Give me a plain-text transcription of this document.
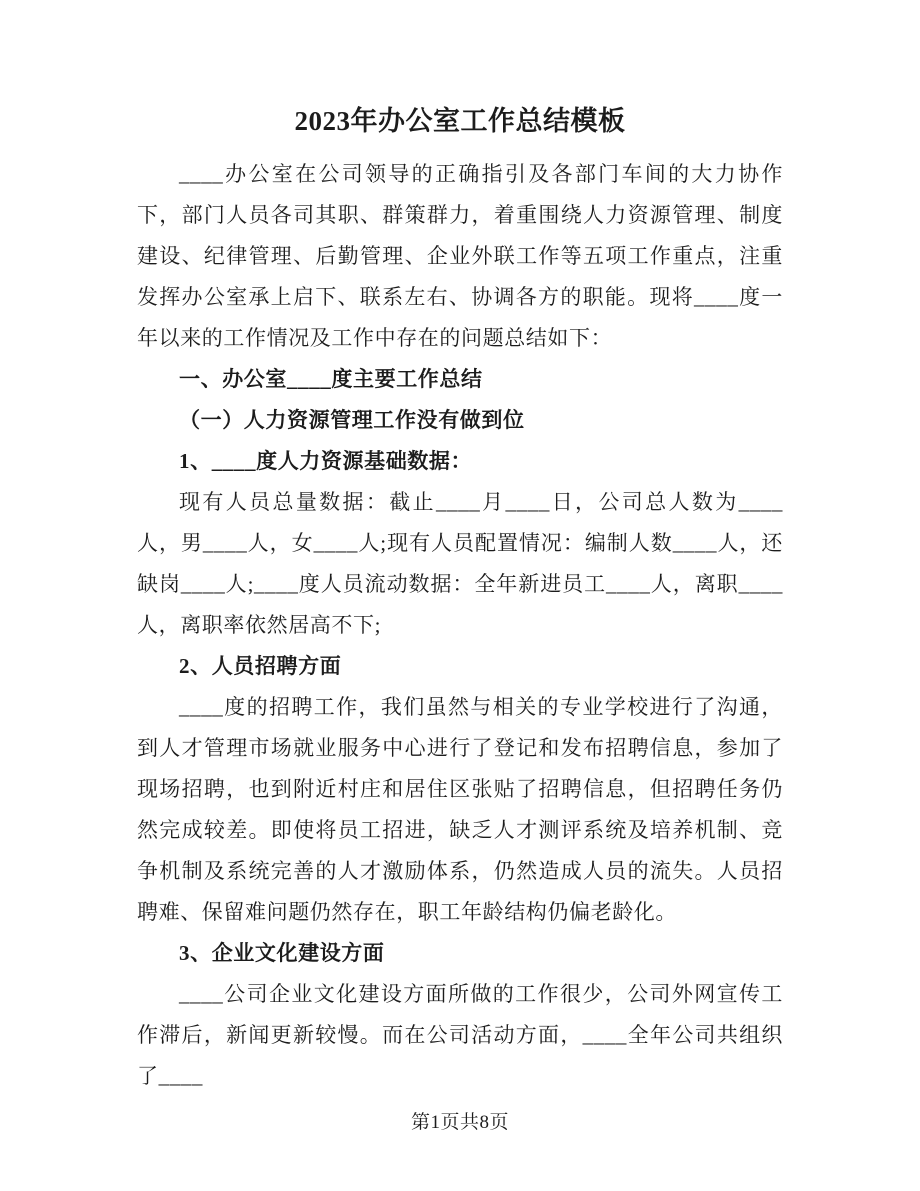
2023年办公室工作总结模板

____办公室在公司领导的正确指引及各部门车间的大力协作下，部门人员各司其职、群策群力，着重围绕人力资源管理、制度建设、纪律管理、后勤管理、企业外联工作等五项工作重点，注重发挥办公室承上启下、联系左右、协调各方的职能。现将____度一年以来的工作情况及工作中存在的问题总结如下：

一、办公室____度主要工作总结

（一）人力资源管理工作没有做到位

1、____度人力资源基础数据：

现有人员总量数据：截止____月____日，公司总人数为____人，男____人，女____人;现有人员配置情况：编制人数____人，还缺岗____人;____度人员流动数据：全年新进员工____人，离职____人，离职率依然居高不下;

2、人员招聘方面

____度的招聘工作，我们虽然与相关的专业学校进行了沟通，到人才管理市场就业服务中心进行了登记和发布招聘信息，参加了现场招聘，也到附近村庄和居住区张贴了招聘信息，但招聘任务仍然完成较差。即使将员工招进，缺乏人才测评系统及培养机制、竞争机制及系统完善的人才激励体系，仍然造成人员的流失。人员招聘难、保留难问题仍然存在，职工年龄结构仍偏老龄化。

3、企业文化建设方面

____公司企业文化建设方面所做的工作很少，公司外网宣传工作滞后，新闻更新较慢。而在公司活动方面，____全年公司共组织了____

第1页共8页
